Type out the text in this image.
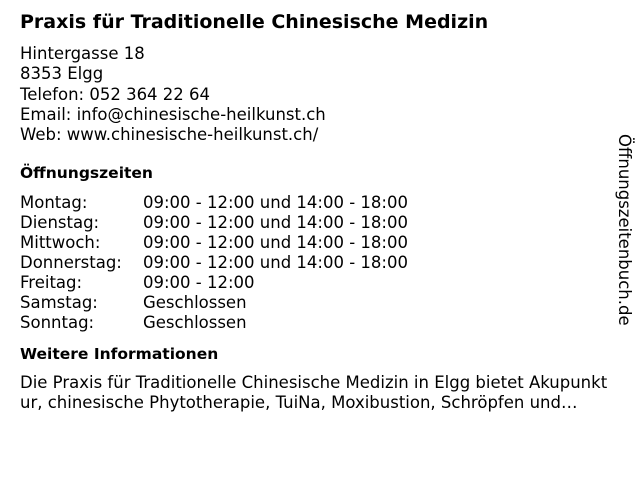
Praxis für Traditionelle Chinesische Medizin
Hintergasse 18
8353 Elgg
Telefon: 052 364 22 64
Email: info@chinesische-heilkunst.ch
Web: www.chinesische-heilkunst.ch/
Öffnungszeiten
Montag:	09:00 - 12:00 und 14:00 - 18:00
Dienstag:	09:00 - 12:00 und 14:00 - 18:00
Mittwoch:	09:00 - 12:00 und 14:00 - 18:00
Donnerstag:	09:00 - 12:00 und 14:00 - 18:00
Freitag:	09:00 - 12:00
Samstag:	Geschlossen
Sonntag:	Geschlossen
Weitere Informationen
Die Praxis für Traditionelle Chinesische Medizin in Elgg bietet Akupunktur, chinesische Phytotherapie, TuiNa, Moxibustion, Schröpfen und…
Öffnungszeitenbuch.de
